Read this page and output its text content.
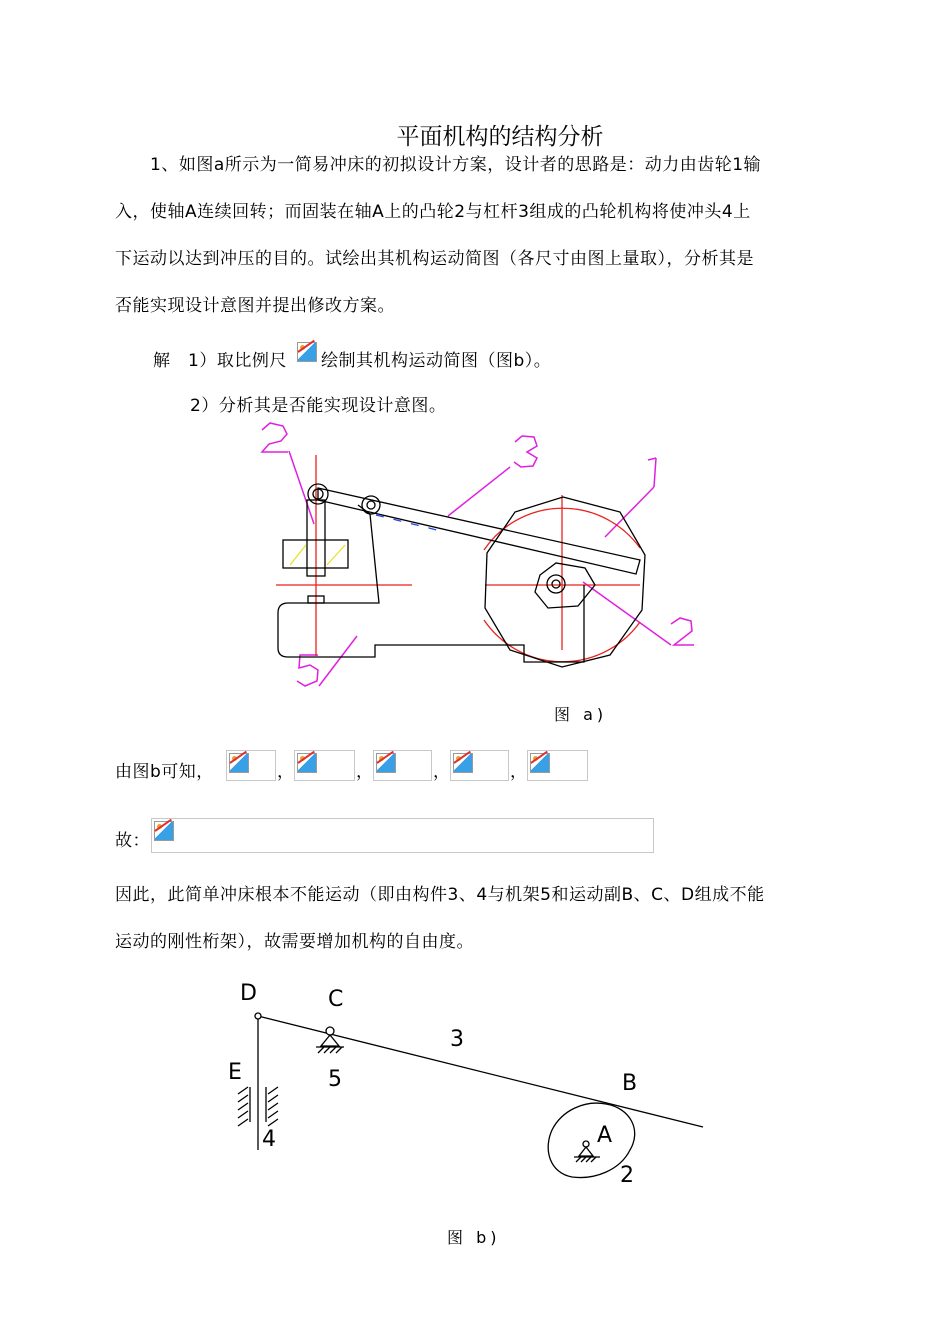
平面机构的结构分析
1、如图a所示为一简易冲床的初拟设计方案，设计者的思路是：动力由齿轮1输
入，使轴A连续回转；而固装在轴A上的凸轮2与杠杆3组成的凸轮机构将使冲头4上
下运动以达到冲压的目的。试绘出其机构运动简图（各尺寸由图上量取），分析其是
否能实现设计意图并提出修改方案。
解　1）取比例尺 绘制其机构运动简图（图b）。
2）分析其是否能实现设计意图。
图 a)
由图b可知，	，	，	，	，
故：
因此，此简单冲床根本不能运动（即由构件3、4与机架5和运动副B、C、D组成不能
运动的刚性桁架），故需要增加机构的自由度。
D	C
E
3
5
4
B
A
2
图 b)
